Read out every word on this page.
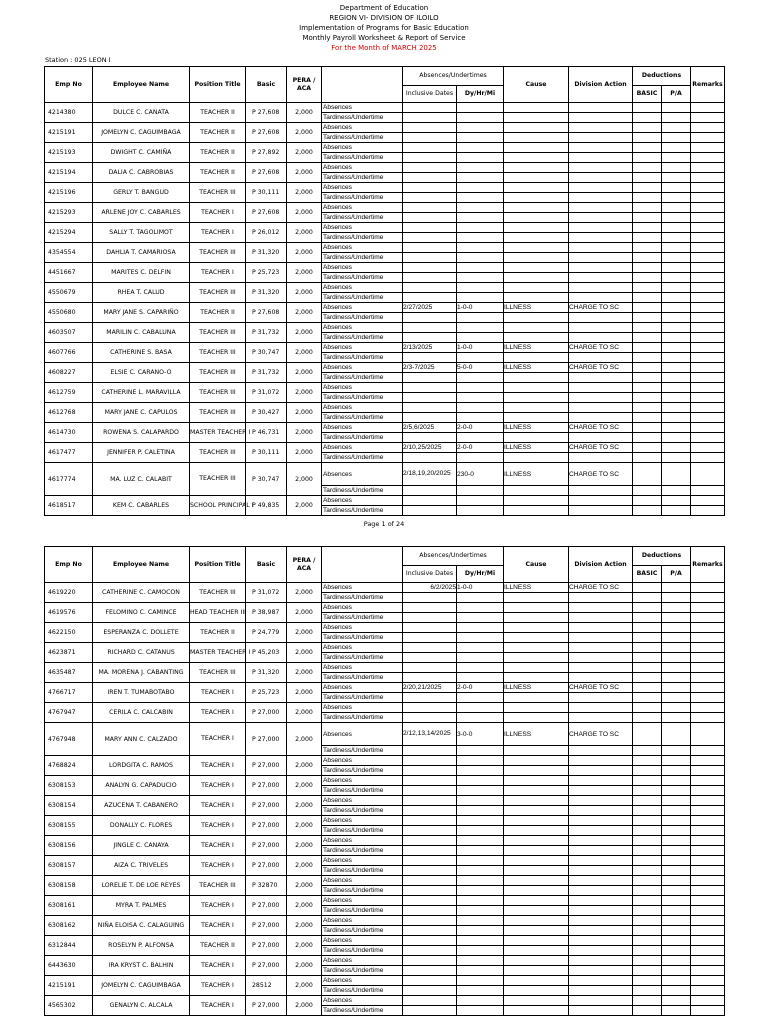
Department of Education
REGION VI- DIVISION OF ILOILO
Implementation of Programs for Basic Education
Monthly Payroll Worksheet & Report of Service
For the Month of MARCH 2025
Station : 025 LEON I
Emp No	Employee Name	Position Title	Basic	PERA / ACA		Absences/Undertimes		Cause	Division Action	Deductions		Remarks
						Inclusive Dates	Dy/Hr/Mi			BASIC	P/A	
4214380	DULCE C. CANATA	TEACHER II	P 27,608	2,000	Absences							
					Tardiness/Undertime							
4215191	JOMELYN C. CAGUIMBAGA	TEACHER II	P 27,608	2,000	Absences							
					Tardiness/Undertime							
4215193	DWIGHT C. CAMIÑA	TEACHER II	P 27,892	2,000	Absences							
					Tardiness/Undertime							
4215194	DALIA C. CABROBIAS	TEACHER II	P 27,608	2,000	Absences							
					Tardiness/Undertime							
4215196	GERLY T. BANGUD	TEACHER III	P 30,111	2,000	Absences							
					Tardiness/Undertime							
4215293	ARLENE JOY C. CABARLES	TEACHER I	P 27,608	2,000	Absences							
					Tardiness/Undertime							
4215294	SALLY T. TAGOLIMOT	TEACHER I	P 26,012	2,000	Absences							
					Tardiness/Undertime							
4354554	DAHLIA T. CAMARIOSA	TEACHER III	P 31,320	2,000	Absences							
					Tardiness/Undertime							
4451667	MARITES C. DELFIN	TEACHER I	P 25,723	2,000	Absences							
					Tardiness/Undertime							
4550679	RHEA T. CALUD	TEACHER III	P 31,320	2,000	Absences							
					Tardiness/Undertime							
4550680	MARY JANE S. CAPARIÑO	TEACHER II	P 27,608	2,000	Absences	2/27/2025	1-0-0	ILLNESS	CHARGE TO SC			
					Tardiness/Undertime							
4603507	MARILIN C. CABALUNA	TEACHER III	P 31,732	2,000	Absences							
					Tardiness/Undertime							
4607766	CATHERINE S. BASA	TEACHER III	P 30,747	2,000	Absences	2/13/2025	1-0-0	ILLNESS	CHARGE TO SC			
					Tardiness/Undertime							
4608227	ELSIE C. CARANO-O	TEACHER III	P 31,732	2,000	Absences	2/3-7/2025	5-0-0	ILLNESS	CHARGE TO SC			
					Tardiness/Undertime							
4612759	CATHERINE L. MARAVILLA	TEACHER III	P 31,072	2,000	Absences							
					Tardiness/Undertime							
4612768	MARY JANE C. CAPULOS	TEACHER III	P 30,427	2,000	Absences							
					Tardiness/Undertime							
4614730	ROWENA S. CALAPARDO	MASTER TEACHER I	P 46,731	2,000	Absences	2/5,6/2025	2-0-0	ILLNESS	CHARGE TO SC			
					Tardiness/Undertime							
4617477	JENNIFER P. CALETINA	TEACHER III	P 30,111	2,000	Absences	2/10,25/2025	2-0-0	ILLNESS	CHARGE TO SC			
					Tardiness/Undertime							
4617774	MA. LUZ C. CALABIT	TEACHER III	P 30,747	2,000	Absences	2/18,19,20/2025	230-0	ILLNESS	CHARGE TO SC			
					Tardiness/Undertime							
4618517	KEM C. CABARLES	SCHOOL PRINCIPAL I	P 49,835	2,000	Absences							
					Tardiness/Undertime							
Page 1 of 24
Emp No	Employee Name	Position Title	Basic	PERA / ACA		Absences/Undertimes		Cause	Division Action	Deductions		Remarks
						Inclusive Dates	Dy/Hr/Mi			BASIC	P/A	
4619220	CATHERINE C. CAMOCON	TEACHER III	P 31,072	2,000	Absences	6/2/2025	1-0-0	ILLNESS	CHARGE TO SC			
					Tardiness/Undertime							
4619576	FELOMINO C. CAMINCE	HEAD TEACHER III	P 38,987	2,000	Absences							
					Tardiness/Undertime							
4622150	ESPERANZA C. DOLLETE	TEACHER II	P 24,779	2,000	Absences							
					Tardiness/Undertime							
4623871	RICHARD C. CATANUS	MASTER TEACHER I	P 45,203	2,000	Absences							
					Tardiness/Undertime							
4635487	MA. MORENA J. CABANTING	TEACHER III	P 31,320	2,000	Absences							
					Tardiness/Undertime							
4766717	IREN T. TUMABOTABO	TEACHER I	P 25,723	2,000	Absences	2/20,21/2025	2-0-0	ILLNESS	CHARGE TO SC			
					Tardiness/Undertime							
4767947	CERILA C. CALCABIN	TEACHER I	P 27,000	2,000	Absences							
					Tardiness/Undertime							
4767948	MARY ANN C. CALZADO	TEACHER I	P 27,000	2,000	Absences	2/12,13,14/2025	3-0-0	ILLNESS	CHARGE TO SC			
					Tardiness/Undertime							
4768824	LORDGITA C. RAMOS	TEACHER I	P 27,000	2,000	Absences							
					Tardiness/Undertime							
6308153	ANALYN G. CAPADUCIO	TEACHER I	P 27,000	2,000	Absences							
					Tardiness/Undertime							
6308154	AZUCENA T. CABANERO	TEACHER I	P 27,000	2,000	Absences							
					Tardiness/Undertime							
6308155	DONALLY C. FLORES	TEACHER I	P 27,000	2,000	Absences							
					Tardiness/Undertime							
6308156	JINGLE C. CANAYA	TEACHER I	P 27,000	2,000	Absences							
					Tardiness/Undertime							
6308157	AIZA C. TRIVELES	TEACHER I	P 27,000	2,000	Absences							
					Tardiness/Undertime							
6308158	LORELIE T. DE LOE REYES	TEACHER III	P 32870	2,000	Absences							
					Tardiness/Undertime							
6308161	MYRA T. PALMES	TEACHER I	P 27,000	2,000	Absences							
					Tardiness/Undertime							
6308162	NIÑA ELOISA C. CALAGUING	TEACHER I	P 27,000	2,000	Absences							
					Tardiness/Undertime							
6312844	ROSELYN P. ALFONSA	TEACHER II	P 27,000	2,000	Absences							
					Tardiness/Undertime							
6443630	IRA KRYST C. BALHIN	TEACHER I	P 27,000	2,000	Absences							
					Tardiness/Undertime							
4215191	JOMELYN C. CAGUIMBAGA	TEACHER I	28512	2,000	Absences							
					Tardiness/Undertime							
4565302	GENALYN C. ALCALA	TEACHER I	P 27,000	2,000	Absences							
					Tardiness/Undertime							
